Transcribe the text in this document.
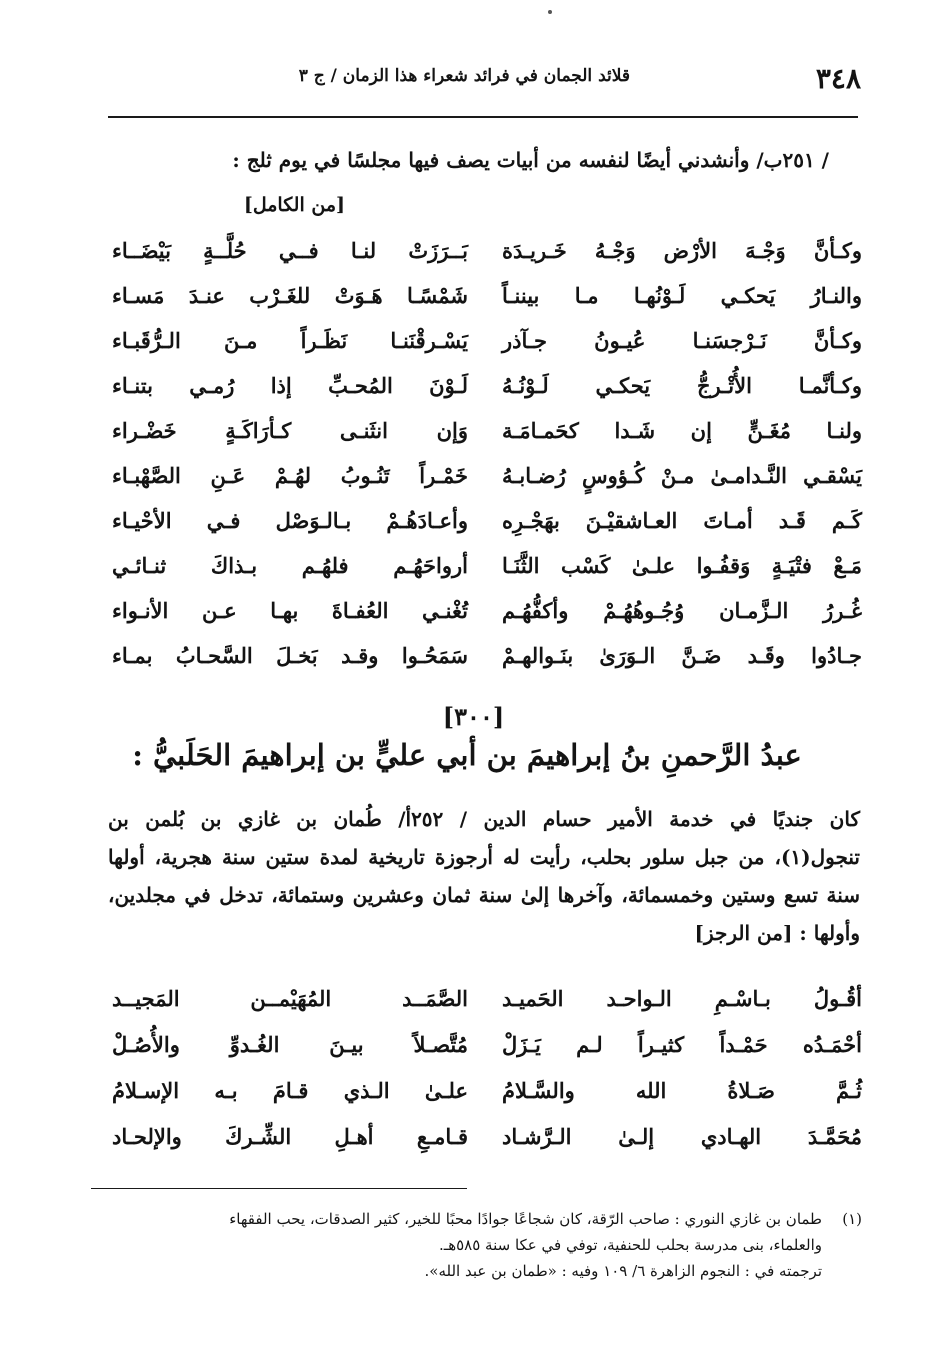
٣٤٨
قلائد الجمان في فرائد شعراء هذا الزمان / ج ٣
/ ٢٥١ب/ وأنشدني أيضًا لنفسه من أبيات يصف فيها مجلسًا في يوم ثلج :
[من الكامل]
وكـأنَّ وَجْـهَ الأرْض وَجْـهُ خَـريـدَة
بَــرَزَتْ لنـا فــي حُلَّــةٍ بَيْضَــاء
والنـارُ يَحكـي لَـوْنُهـا مـا بيننـاً
شَمْسًـا هَـوَتْ للغَـرْب عنـدَ مَسـاء
وكـأنَّ نَـرْجسَنـا عُيـونُ جـآذر
يَسْـرقْنَنـا نَظَـراً مـنَ الـرُّقَبـاء
وكـأنَّمـا الأُتْـرجُّ يَحكـي لَـوْنُـهُ
لَـوْنَ المُحـبِّ إذا رُمـي بتنـاء
ولنـا مُغَـنٍّ إن شَـدا كحَمـامَـة
وَإن انثَنـى كـأرَاكَـةٍ خَضْـراء
يَسْقـي النَّـدامـىٰ مـنْ كُـؤوسٍ رُضـابـهُ
خَمْـراً تَنُـوبُ لهُـمْ عَـنِ الصَّهْبـاء
كَـم قَـد أمـاتَ العـاشقيْـنَ بهَجْـرِه
وأعـادَهُـمْ بـالـوَصْل فـي الأحْيـاء
مَـعْ فتْيَـةٍ وَقفُـوا علـىٰ كَسْب الثَّنَـا
أرواحَهُـم فلهُـم بـذاكَ ثنـائـي
غُـررُ الـزَّمـان وُجُـوهُهُـمْ وأكفُّهُـم
تُغْنـي العُفـاةَ بهـا عـن الأنـواء
جـادُوا وقَـد ضَـنَّ الـوَرَىٰ بنَـوالهـمْ
سَمَحُـوا وقـد بَخـلَ السَّحـابُ بمـاء
[٣٠٠]
عبدُ الرَّحمنِ بنُ إبراهيمَ بن أبي عليٍّ بن إبراهيمَ الحَلَبيُّ :

كان جنديًا في خدمة الأمير حسام الدين / ٢٥٢أ/ طُمان بن غازي بن بُلمن بن

تنجول(١)، من جبل سلور بحلب، رأيت له أرجوزة تاريخية لمدة ستين سنة هجرية، أولها

سنة تسع وستين وخمسمائة، وآخرها إلىٰ سنة ثمان وعشرين وستمائة، تدخل في مجلدين،

وأولها : [من الرجز]

أقُـولُ بـاسْـمِ الـواحـد الحَميـد
الصَّمَــد المُهَيْمــن المَجيــد
أحْمَـدُه حَمْـداً كثيـراً لـم يَـزَلْ
مُتَّصـلاً بيـنَ الغُـدوِّ والأُصُـلْ
ثُـمَّ صَـلاةُ الله والسَّـلامُ
علـىٰ الـذي قـامَ بـه الإسـلامُ
مُحَمَّـدَ الهـادي إلـىٰ الـرَّشـاد
قـامـعِ أهـلِ الشِّـركَ والإلحـاد

(١)طمان بن غازي النوري : صاحب الرّقة، كان شجاعًا جوادًا محبًا للخير، كثير الصدقات، يحب الفقهاء

والعلماء، بنى مدرسة بحلب للحنفية، توفي في عكا سنة ٥٨٥هـ.

ترجمته في : النجوم الزاهرة ٦/ ١٠٩ وفيه : «طمان بن عبد الله».
